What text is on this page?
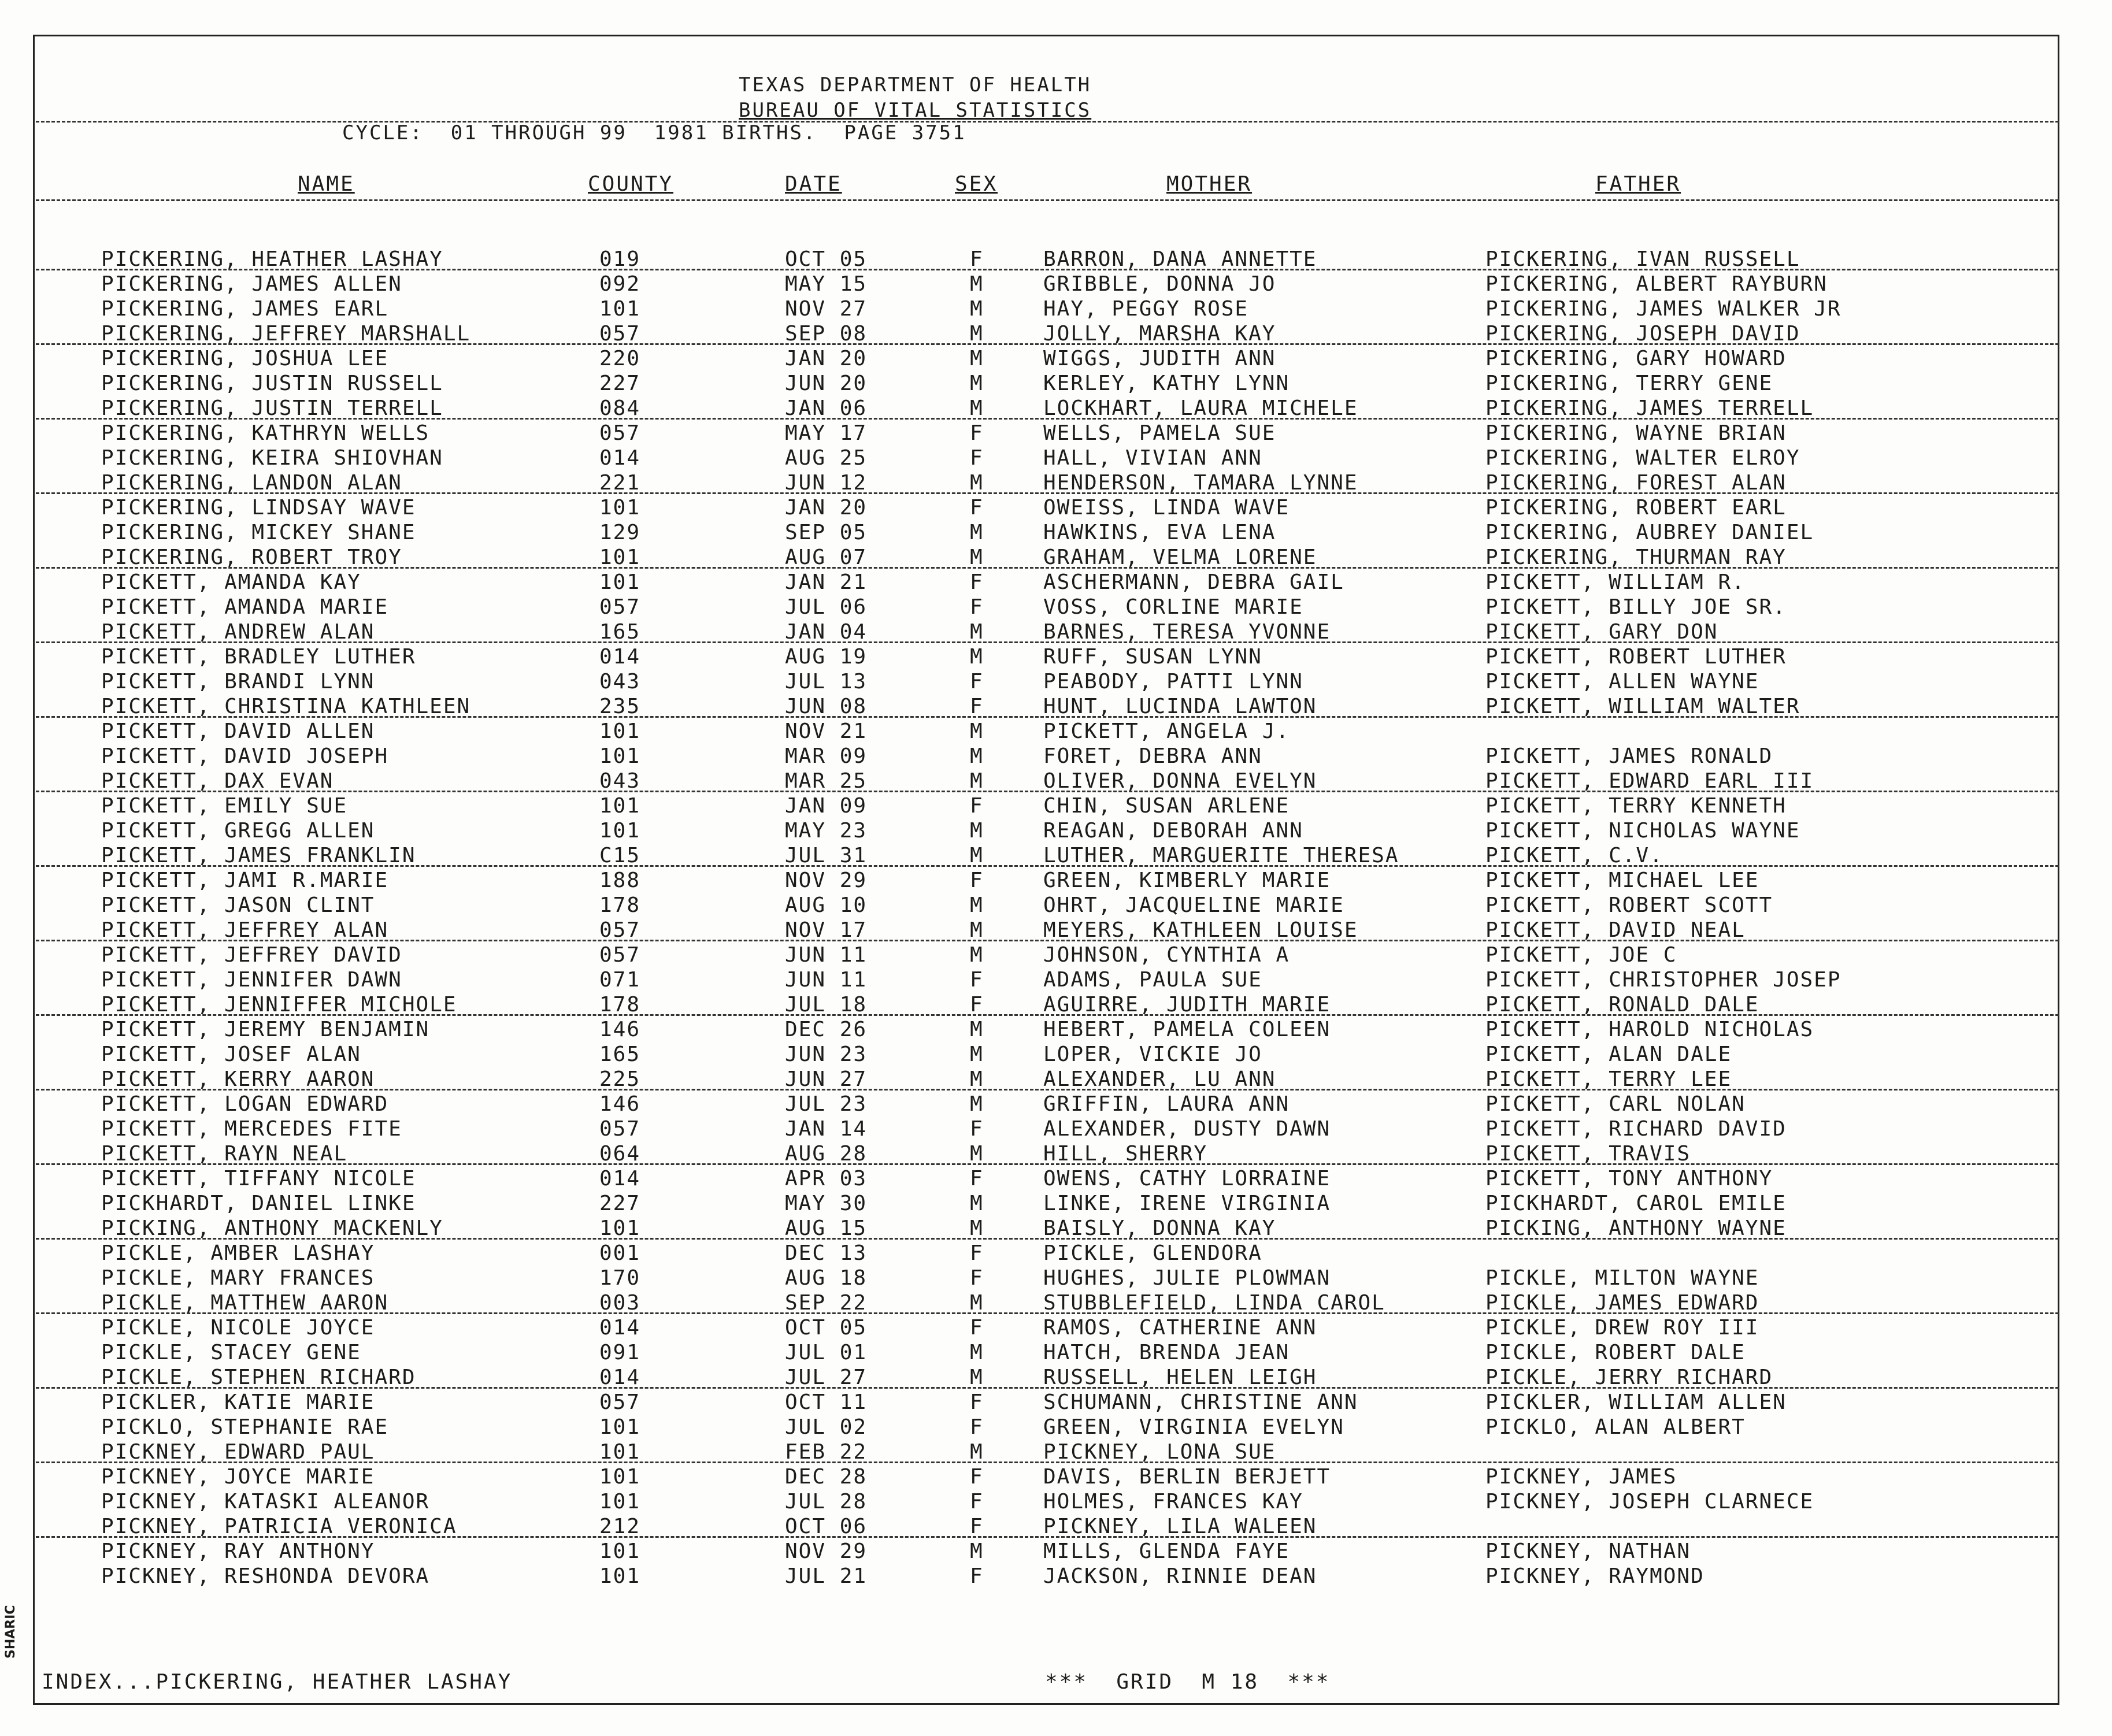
TEXAS DEPARTMENT OF HEALTH
BUREAU OF VITAL STATISTICS
CYCLE:  01 THROUGH 99  1981 BIRTHS.  PAGE 3751
NAME	COUNTY	DATE	SEX	MOTHER	FATHER
PICKERING, HEATHER LASHAY	019	OCT 05	F	BARRON, DANA ANNETTE	PICKERING, IVAN RUSSELL
PICKERING, JAMES ALLEN	092	MAY 15	M	GRIBBLE, DONNA JO	PICKERING, ALBERT RAYBURN
PICKERING, JAMES EARL	101	NOV 27	M	HAY, PEGGY ROSE	PICKERING, JAMES WALKER JR
PICKERING, JEFFREY MARSHALL	057	SEP 08	M	JOLLY, MARSHA KAY	PICKERING, JOSEPH DAVID
PICKERING, JOSHUA LEE	220	JAN 20	M	WIGGS, JUDITH ANN	PICKERING, GARY HOWARD
PICKERING, JUSTIN RUSSELL	227	JUN 20	M	KERLEY, KATHY LYNN	PICKERING, TERRY GENE
PICKERING, JUSTIN TERRELL	084	JAN 06	M	LOCKHART, LAURA MICHELE	PICKERING, JAMES TERRELL
PICKERING, KATHRYN WELLS	057	MAY 17	F	WELLS, PAMELA SUE	PICKERING, WAYNE BRIAN
PICKERING, KEIRA SHIOVHAN	014	AUG 25	F	HALL, VIVIAN ANN	PICKERING, WALTER ELROY
PICKERING, LANDON ALAN	221	JUN 12	M	HENDERSON, TAMARA LYNNE	PICKERING, FOREST ALAN
PICKERING, LINDSAY WAVE	101	JAN 20	F	OWEISS, LINDA WAVE	PICKERING, ROBERT EARL
PICKERING, MICKEY SHANE	129	SEP 05	M	HAWKINS, EVA LENA	PICKERING, AUBREY DANIEL
PICKERING, ROBERT TROY	101	AUG 07	M	GRAHAM, VELMA LORENE	PICKERING, THURMAN RAY
PICKETT, AMANDA KAY	101	JAN 21	F	ASCHERMANN, DEBRA GAIL	PICKETT, WILLIAM R.
PICKETT, AMANDA MARIE	057	JUL 06	F	VOSS, CORLINE MARIE	PICKETT, BILLY JOE SR.
PICKETT, ANDREW ALAN	165	JAN 04	M	BARNES, TERESA YVONNE	PICKETT, GARY DON
PICKETT, BRADLEY LUTHER	014	AUG 19	M	RUFF, SUSAN LYNN	PICKETT, ROBERT LUTHER
PICKETT, BRANDI LYNN	043	JUL 13	F	PEABODY, PATTI LYNN	PICKETT, ALLEN WAYNE
PICKETT, CHRISTINA KATHLEEN	235	JUN 08	F	HUNT, LUCINDA LAWTON	PICKETT, WILLIAM WALTER
PICKETT, DAVID ALLEN	101	NOV 21	M	PICKETT, ANGELA J.
PICKETT, DAVID JOSEPH	101	MAR 09	M	FORET, DEBRA ANN	PICKETT, JAMES RONALD
PICKETT, DAX EVAN	043	MAR 25	M	OLIVER, DONNA EVELYN	PICKETT, EDWARD EARL III
PICKETT, EMILY SUE	101	JAN 09	F	CHIN, SUSAN ARLENE	PICKETT, TERRY KENNETH
PICKETT, GREGG ALLEN	101	MAY 23	M	REAGAN, DEBORAH ANN	PICKETT, NICHOLAS WAYNE
PICKETT, JAMES FRANKLIN	C15	JUL 31	M	LUTHER, MARGUERITE THERESA	PICKETT, C.V.
PICKETT, JAMI R.MARIE	188	NOV 29	F	GREEN, KIMBERLY MARIE	PICKETT, MICHAEL LEE
PICKETT, JASON CLINT	178	AUG 10	M	OHRT, JACQUELINE MARIE	PICKETT, ROBERT SCOTT
PICKETT, JEFFREY ALAN	057	NOV 17	M	MEYERS, KATHLEEN LOUISE	PICKETT, DAVID NEAL
PICKETT, JEFFREY DAVID	057	JUN 11	M	JOHNSON, CYNTHIA A	PICKETT, JOE C
PICKETT, JENNIFER DAWN	071	JUN 11	F	ADAMS, PAULA SUE	PICKETT, CHRISTOPHER JOSEP
PICKETT, JENNIFFER MICHOLE	178	JUL 18	F	AGUIRRE, JUDITH MARIE	PICKETT, RONALD DALE
PICKETT, JEREMY BENJAMIN	146	DEC 26	M	HEBERT, PAMELA COLEEN	PICKETT, HAROLD NICHOLAS
PICKETT, JOSEF ALAN	165	JUN 23	M	LOPER, VICKIE JO	PICKETT, ALAN DALE
PICKETT, KERRY AARON	225	JUN 27	M	ALEXANDER, LU ANN	PICKETT, TERRY LEE
PICKETT, LOGAN EDWARD	146	JUL 23	M	GRIFFIN, LAURA ANN	PICKETT, CARL NOLAN
PICKETT, MERCEDES FITE	057	JAN 14	F	ALEXANDER, DUSTY DAWN	PICKETT, RICHARD DAVID
PICKETT, RAYN NEAL	064	AUG 28	M	HILL, SHERRY	PICKETT, TRAVIS
PICKETT, TIFFANY NICOLE	014	APR 03	F	OWENS, CATHY LORRAINE	PICKETT, TONY ANTHONY
PICKHARDT, DANIEL LINKE	227	MAY 30	M	LINKE, IRENE VIRGINIA	PICKHARDT, CAROL EMILE
PICKING, ANTHONY MACKENLY	101	AUG 15	M	BAISLY, DONNA KAY	PICKING, ANTHONY WAYNE
PICKLE, AMBER LASHAY	001	DEC 13	F	PICKLE, GLENDORA
PICKLE, MARY FRANCES	170	AUG 18	F	HUGHES, JULIE PLOWMAN	PICKLE, MILTON WAYNE
PICKLE, MATTHEW AARON	003	SEP 22	M	STUBBLEFIELD, LINDA CAROL	PICKLE, JAMES EDWARD
PICKLE, NICOLE JOYCE	014	OCT 05	F	RAMOS, CATHERINE ANN	PICKLE, DREW ROY III
PICKLE, STACEY GENE	091	JUL 01	M	HATCH, BRENDA JEAN	PICKLE, ROBERT DALE
PICKLE, STEPHEN RICHARD	014	JUL 27	M	RUSSELL, HELEN LEIGH	PICKLE, JERRY RICHARD
PICKLER, KATIE MARIE	057	OCT 11	F	SCHUMANN, CHRISTINE ANN	PICKLER, WILLIAM ALLEN
PICKLO, STEPHANIE RAE	101	JUL 02	F	GREEN, VIRGINIA EVELYN	PICKLO, ALAN ALBERT
PICKNEY, EDWARD PAUL	101	FEB 22	M	PICKNEY, LONA SUE
PICKNEY, JOYCE MARIE	101	DEC 28	F	DAVIS, BERLIN BERJETT	PICKNEY, JAMES
PICKNEY, KATASKI ALEANOR	101	JUL 28	F	HOLMES, FRANCES KAY	PICKNEY, JOSEPH CLARNECE
PICKNEY, PATRICIA VERONICA	212	OCT 06	F	PICKNEY, LILA WALEEN
PICKNEY, RAY ANTHONY	101	NOV 29	M	MILLS, GLENDA FAYE	PICKNEY, NATHAN
PICKNEY, RESHONDA DEVORA	101	JUL 21	F	JACKSON, RINNIE DEAN	PICKNEY, RAYMOND
INDEX...PICKERING, HEATHER LASHAY	***  GRID  M 18  ***
SHARIC
